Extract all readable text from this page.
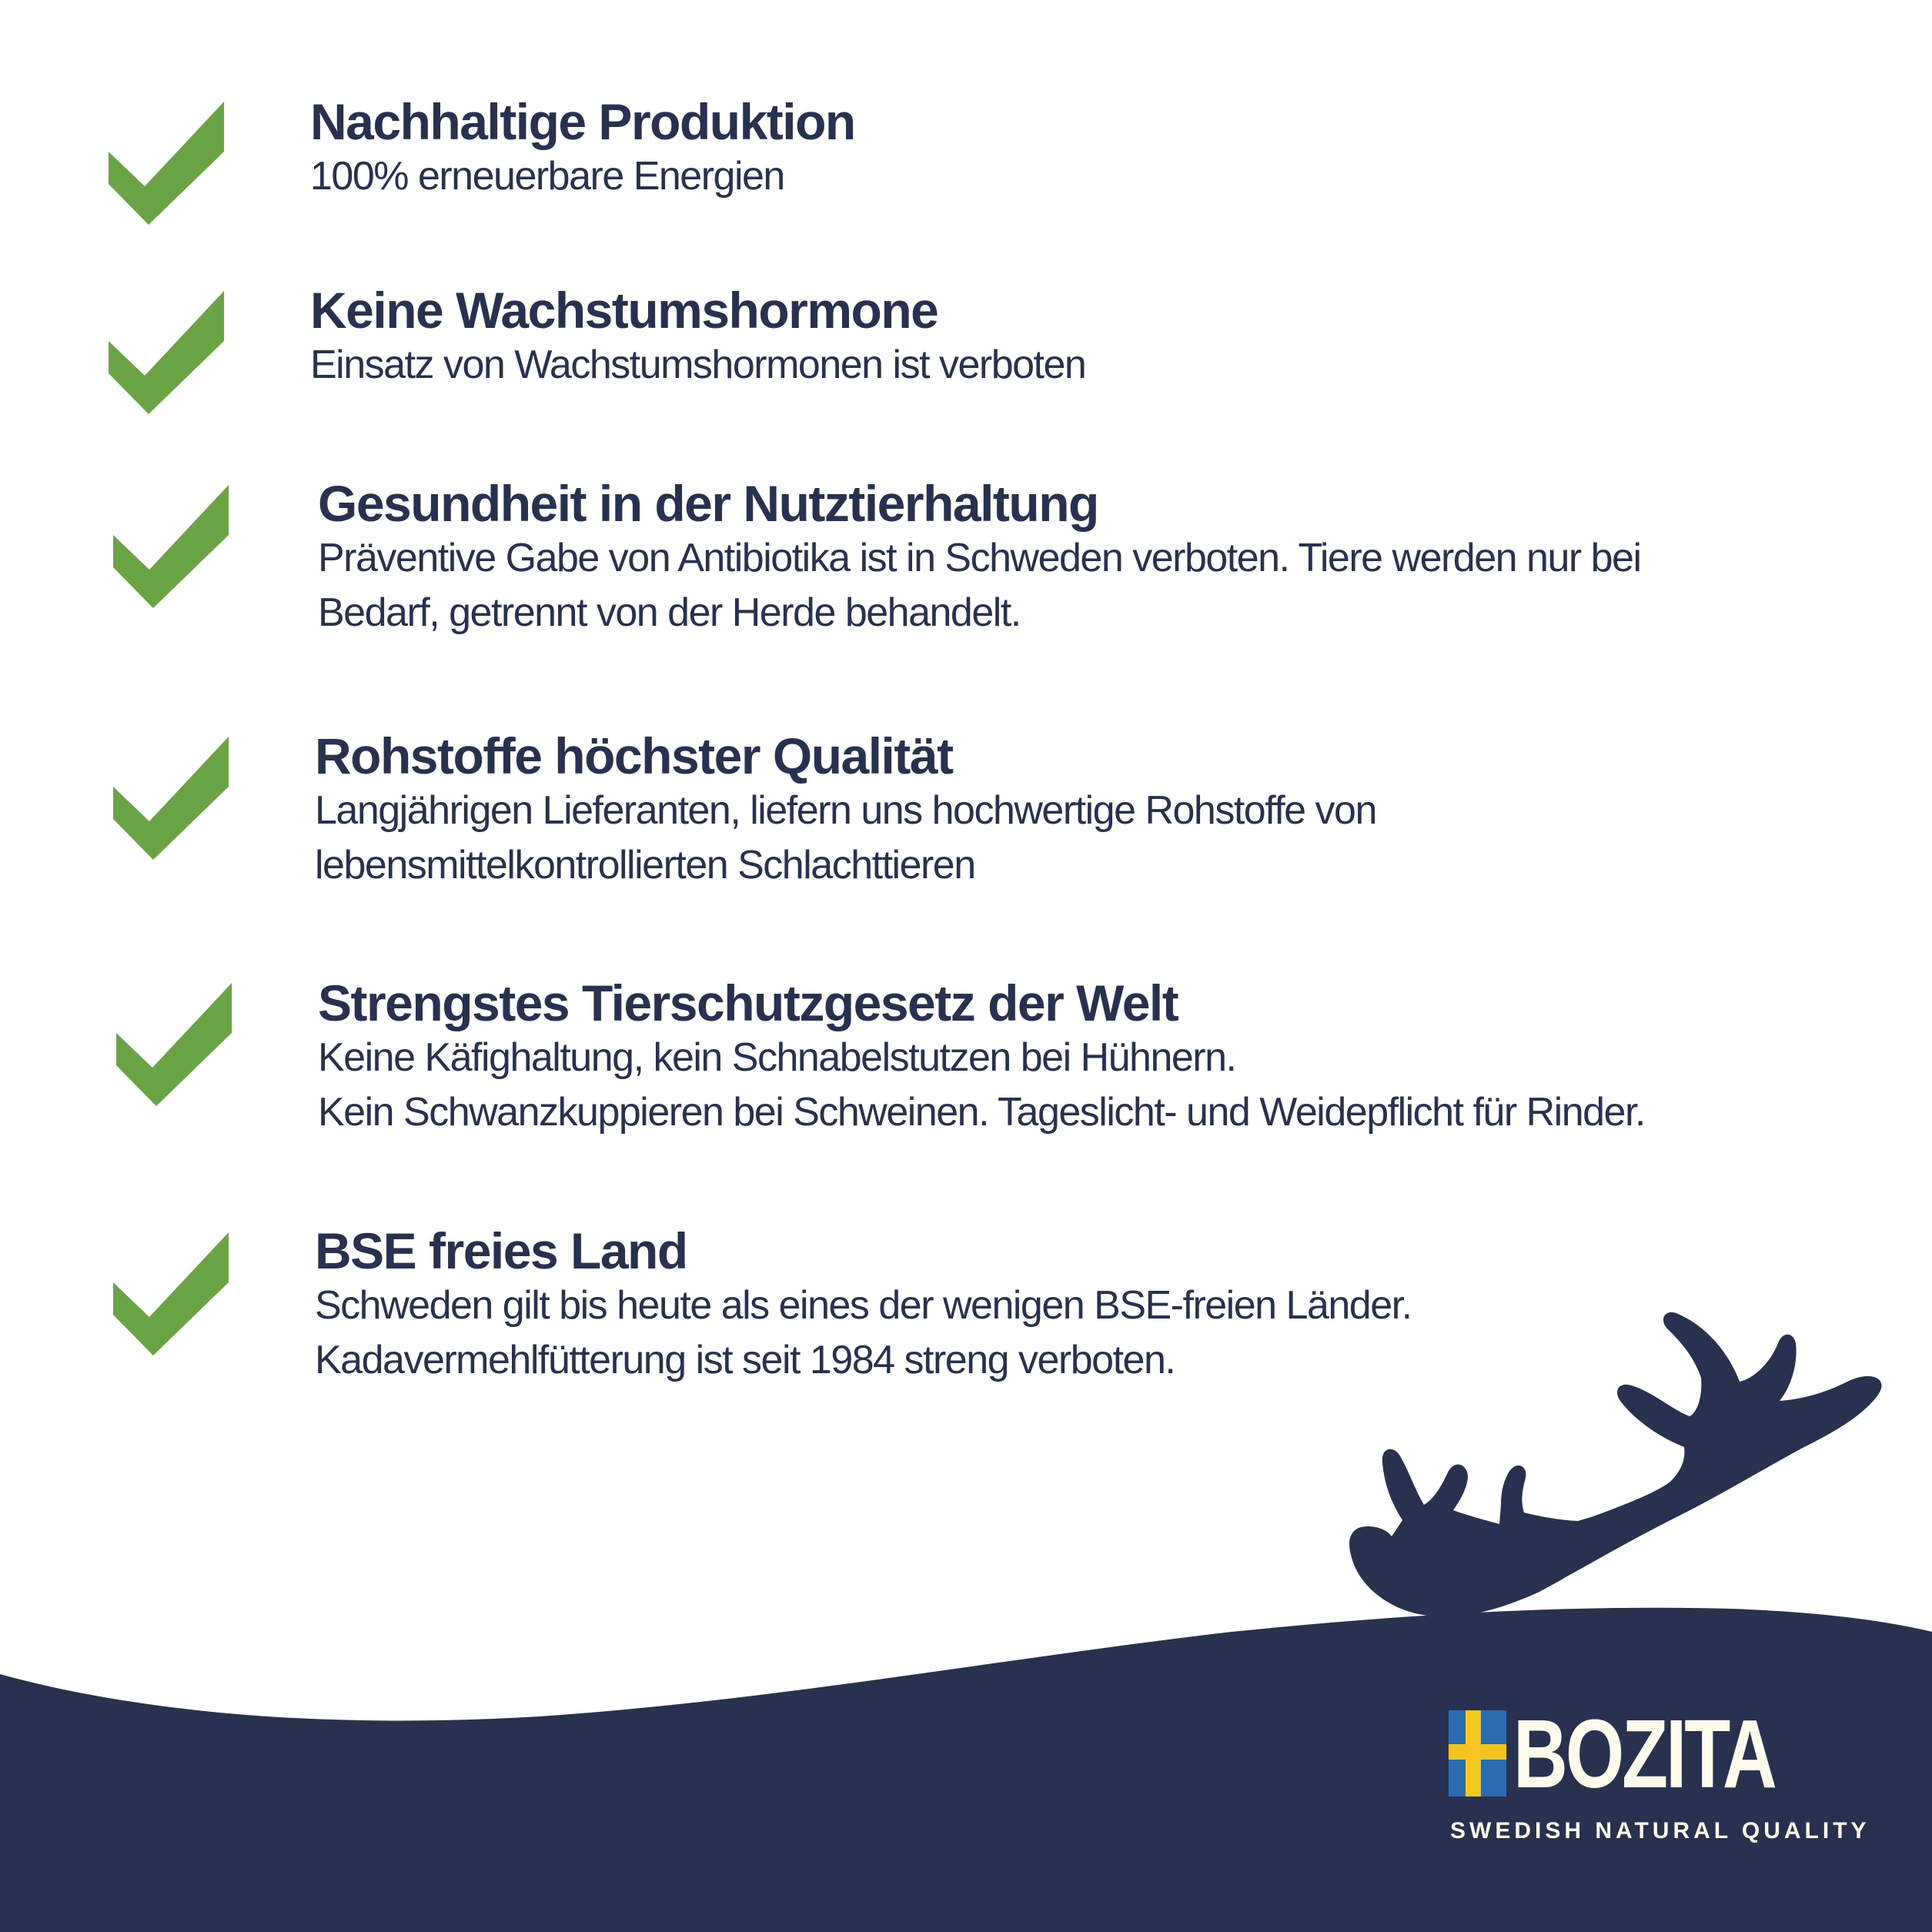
Nachhaltige Produktion
100% erneuerbare Energien
Keine Wachstumshormone
Einsatz von Wachstumshormonen ist verboten
Gesundheit in der Nutztierhaltung
Präventive Gabe von Antibiotika ist in Schweden verboten. Tiere werden nur bei
Bedarf, getrennt von der Herde behandelt.
Rohstoffe höchster Qualität
Langjährigen Lieferanten, liefern uns hochwertige Rohstoffe von
lebensmittelkontrollierten Schlachttieren
Strengstes Tierschutzgesetz der Welt
Keine Käfighaltung, kein Schnabelstutzen bei Hühnern.
Kein Schwanzkuppieren bei Schweinen. Tageslicht- und Weidepflicht für Rinder.
BSE freies Land
Schweden gilt bis heute als eines der wenigen BSE-freien Länder.
Kadavermehlfütterung ist seit 1984 streng verboten.
BOZITA
SWEDISH NATURAL QUALITY
